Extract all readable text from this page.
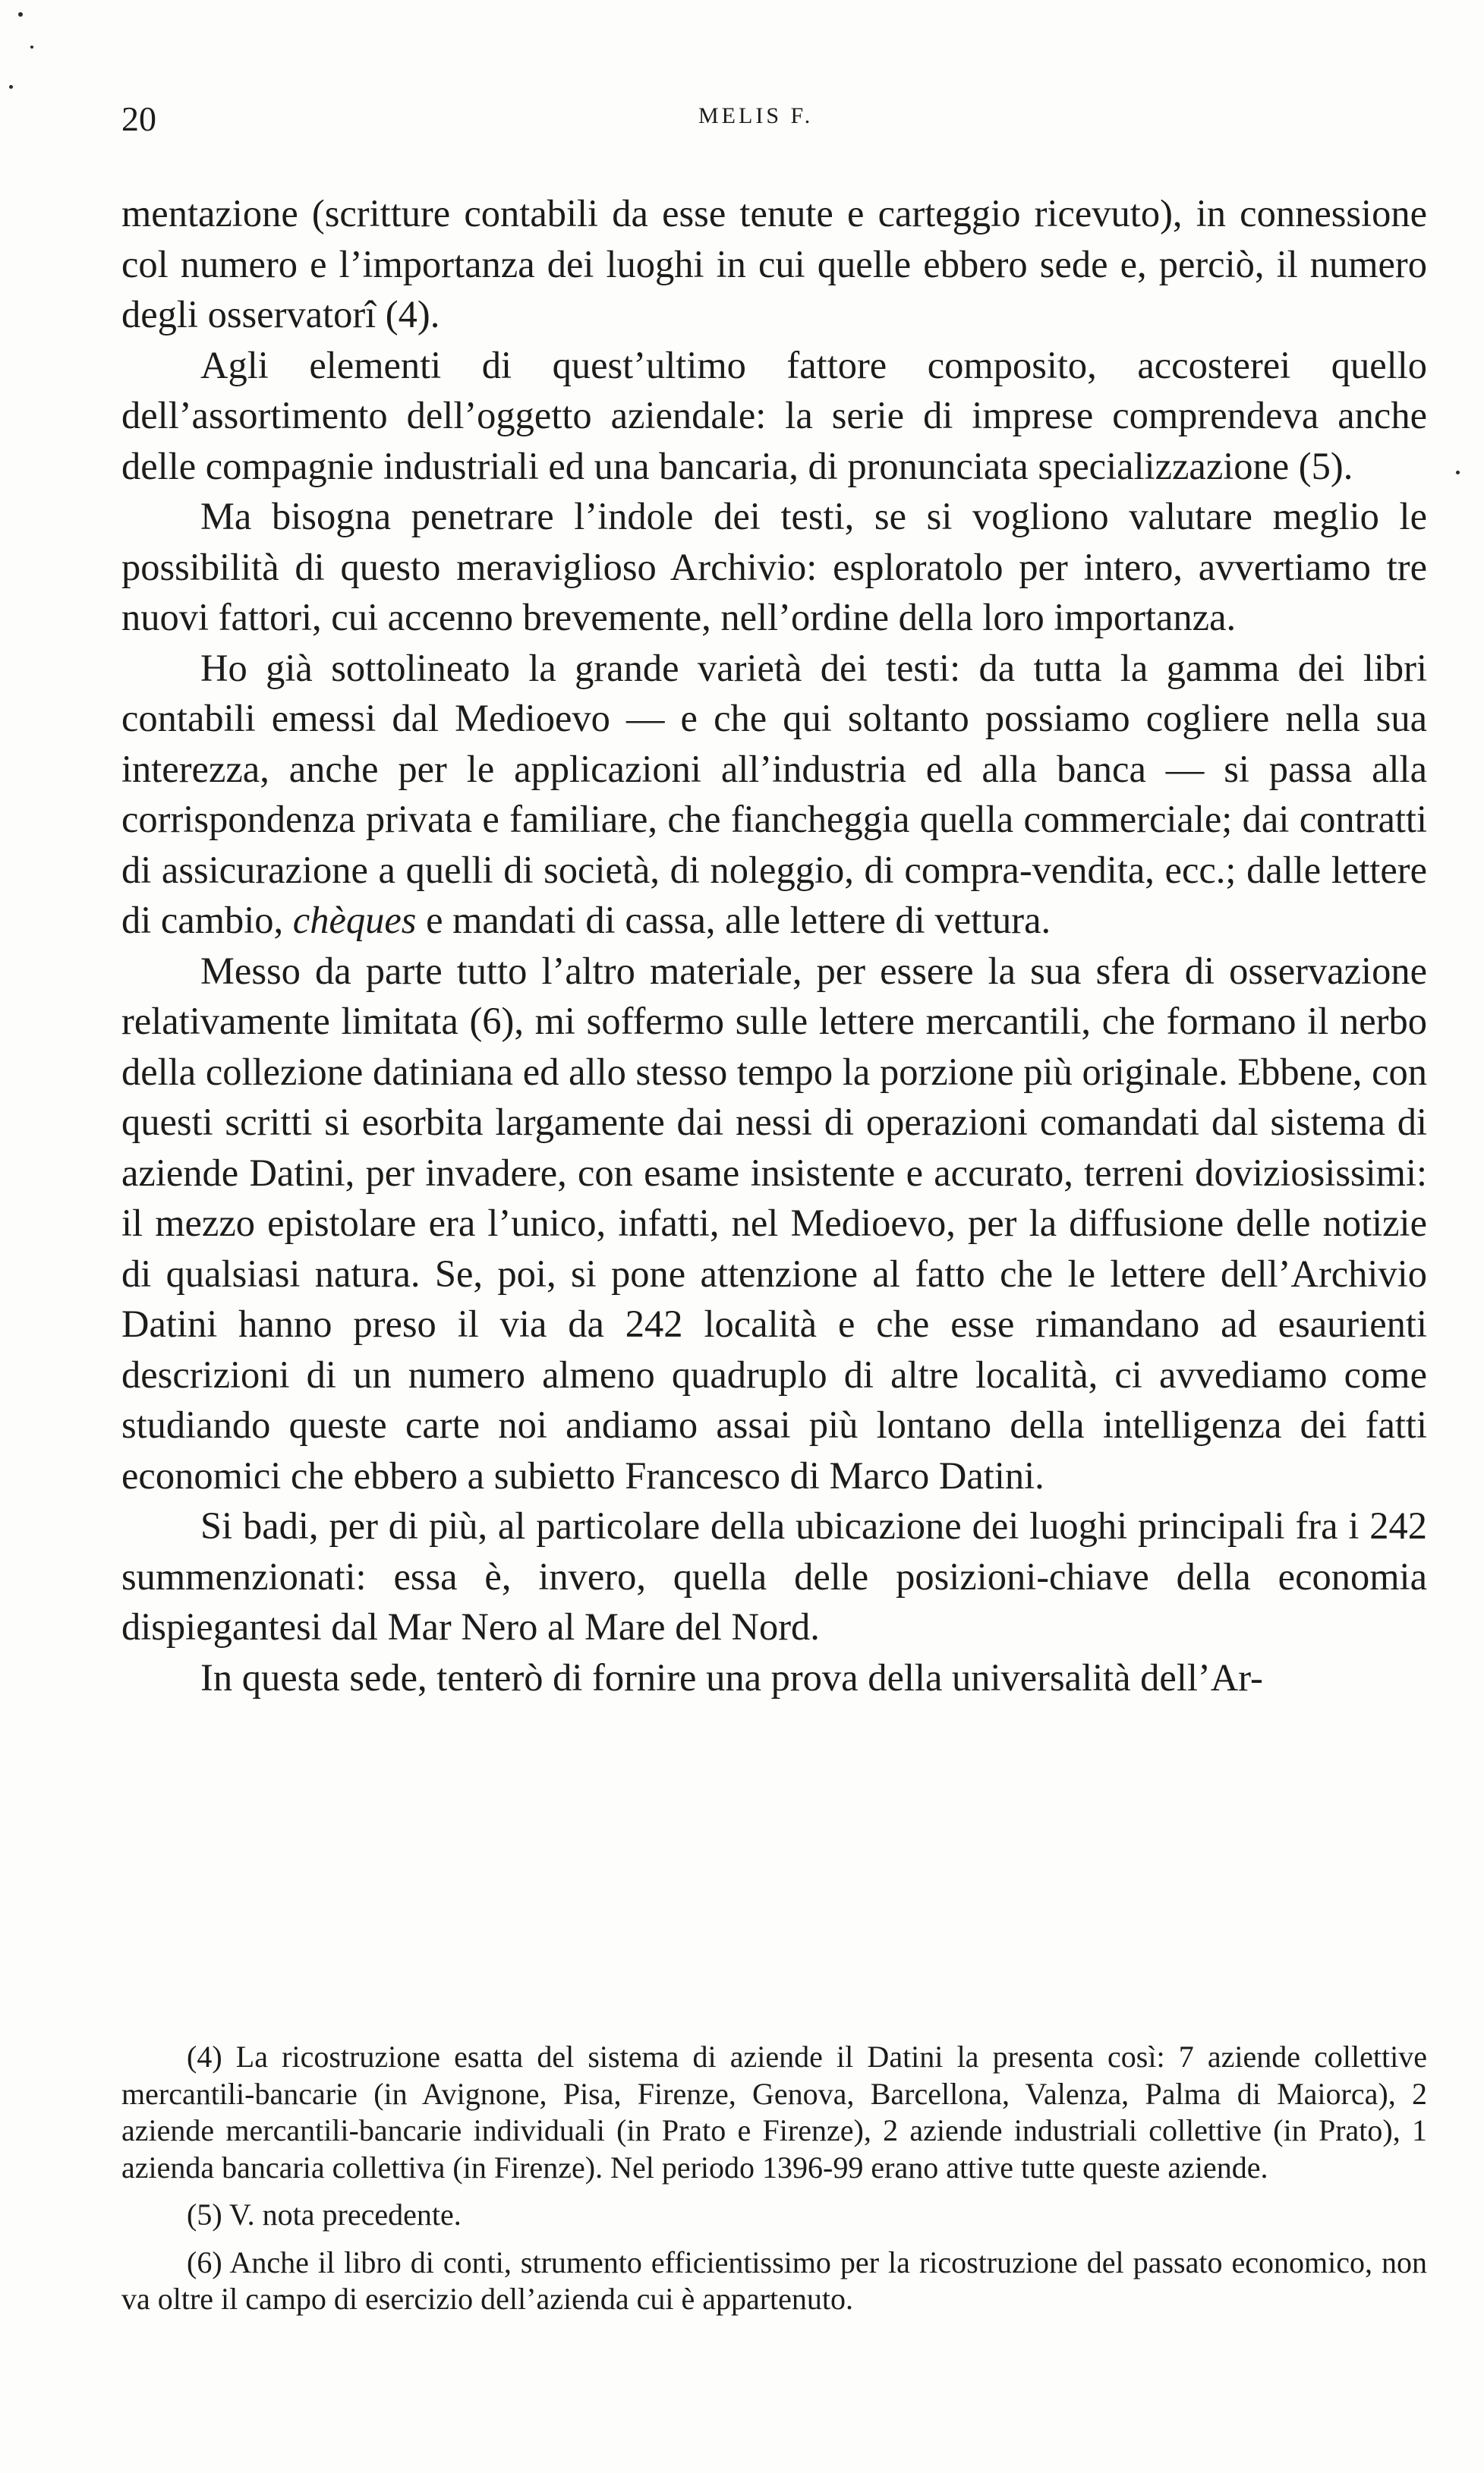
20	MELIS F.

mentazione (scritture contabili da esse tenute e carteggio ricevuto), in connessione col numero e l’importanza dei luoghi in cui quelle ebbero sede e, perciò, il numero degli osservatorî (4).

Agli elementi di quest’ultimo fattore composito, accosterei quello dell’assortimento dell’oggetto aziendale: la serie di imprese comprendeva anche delle compagnie industriali ed una bancaria, di pronunciata specializzazione (5).

Ma bisogna penetrare l’indole dei testi, se si vogliono valutare meglio le possibilità di questo meraviglioso Archivio: esploratolo per intero, avvertiamo tre nuovi fattori, cui accenno brevemente, nell’ordine della loro importanza.

Ho già sottolineato la grande varietà dei testi: da tutta la gamma dei libri contabili emessi dal Medioevo — e che qui soltanto possiamo cogliere nella sua interezza, anche per le applicazioni all’industria ed alla banca — si passa alla corrispondenza privata e familiare, che fiancheggia quella commerciale; dai contratti di assicurazione a quelli di società, di noleggio, di compra-vendita, ecc.; dalle lettere di cambio, chèques e mandati di cassa, alle lettere di vettura.

Messo da parte tutto l’altro materiale, per essere la sua sfera di osservazione relativamente limitata (6), mi soffermo sulle lettere mercantili, che formano il nerbo della collezione datiniana ed allo stesso tempo la porzione più originale. Ebbene, con questi scritti si esorbita largamente dai nessi di operazioni comandati dal sistema di aziende Datini, per invadere, con esame insistente e accurato, terreni doviziosissimi: il mezzo epistolare era l’unico, infatti, nel Medioevo, per la diffusione delle notizie di qualsiasi natura. Se, poi, si pone attenzione al fatto che le lettere dell’Archivio Datini hanno preso il via da 242 località e che esse rimandano ad esaurienti descrizioni di un numero almeno quadruplo di altre località, ci avvediamo come studiando queste carte noi andiamo assai più lontano della intelligenza dei fatti economici che ebbero a subietto Francesco di Marco Datini.

Si badi, per di più, al particolare della ubicazione dei luoghi principali fra i 242 summenzionati: essa è, invero, quella delle posizioni-chiave della economia dispiegantesi dal Mar Nero al Mare del Nord.

In questa sede, tenterò di fornire una prova della universalità dell’Ar-

(4) La ricostruzione esatta del sistema di aziende il Datini la presenta così: 7 aziende collettive mercantili-bancarie (in Avignone, Pisa, Firenze, Genova, Barcellona, Valenza, Palma di Maiorca), 2 aziende mercantili-bancarie individuali (in Prato e Firenze), 2 aziende industriali collettive (in Prato), 1 azienda bancaria collettiva (in Firenze). Nel periodo 1396-99 erano attive tutte queste aziende.

(5) V. nota precedente.

(6) Anche il libro di conti, strumento efficientissimo per la ricostruzione del passato economico, non va oltre il campo di esercizio dell’azienda cui è appartenuto.
